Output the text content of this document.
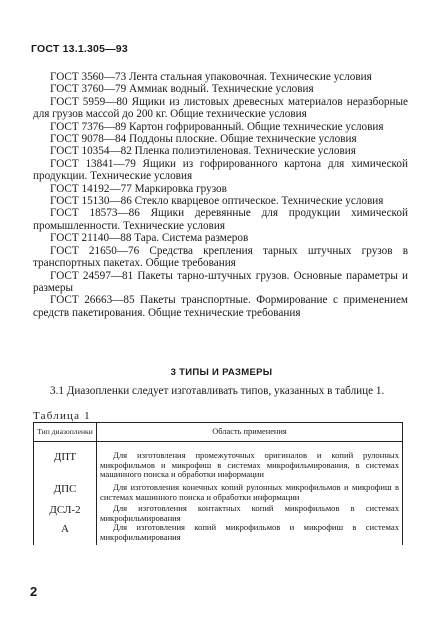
ГОСТ 13.1.305—93

ГОСТ 3560—73 Лента стальная упаковочная. Технические условия

ГОСТ 3760—79 Аммиак водный. Технические условия

ГОСТ 5959—80 Ящики из листовых древесных материалов неразборные для грузов массой до 200 кг. Общие технические условия

ГОСТ 7376—89 Картон гофрированный. Общие технические условия

ГОСТ 9078—84 Поддоны плоские. Общие технические условия

ГОСТ 10354—82 Пленка полиэтиленовая. Технические условия

ГОСТ 13841—79 Ящики из гофрированного картона для химической продукции. Технические условия

ГОСТ 14192—77 Маркировка грузов

ГОСТ 15130—86 Стекло кварцевое оптическое. Технические условия

ГОСТ 18573—86 Ящики деревянные для продукции химической промышленности. Технические условия

ГОСТ 21140—88 Тара. Система размеров

ГОСТ 21650—76 Средства крепления тарных штучных грузов в транспортных пакетах. Общие требования

ГОСТ 24597—81 Пакеты тарно-штучных грузов. Основные параметры и размеры

ГОСТ 26663—85 Пакеты транспортные. Формирование с применением средств пакетирования. Общие технические требования

3 ТИПЫ И РАЗМЕРЫ

3.1 Диазопленки следует изготавливать типов, указанных в таблице 1.

Таблица 1
Тип диазопленки	Область применения
ДПТ	Для изготовления промежуточных оригиналов и копий рулонных микрофильмов и микрофиш в системах микрофильмирования, в системах машинного поиска и обработки информации
ДПС	Для изготовления конечных копий рулонных микрофильмов и микрофиш в системах машинного поиска и обработки информации
ДСЛ-2	Для изготовления контактных копий микрофильмов в системах микрофильмирования
А	Для изготовления копий микрофильмов и микрофиш в системах микрофильмирования
2
